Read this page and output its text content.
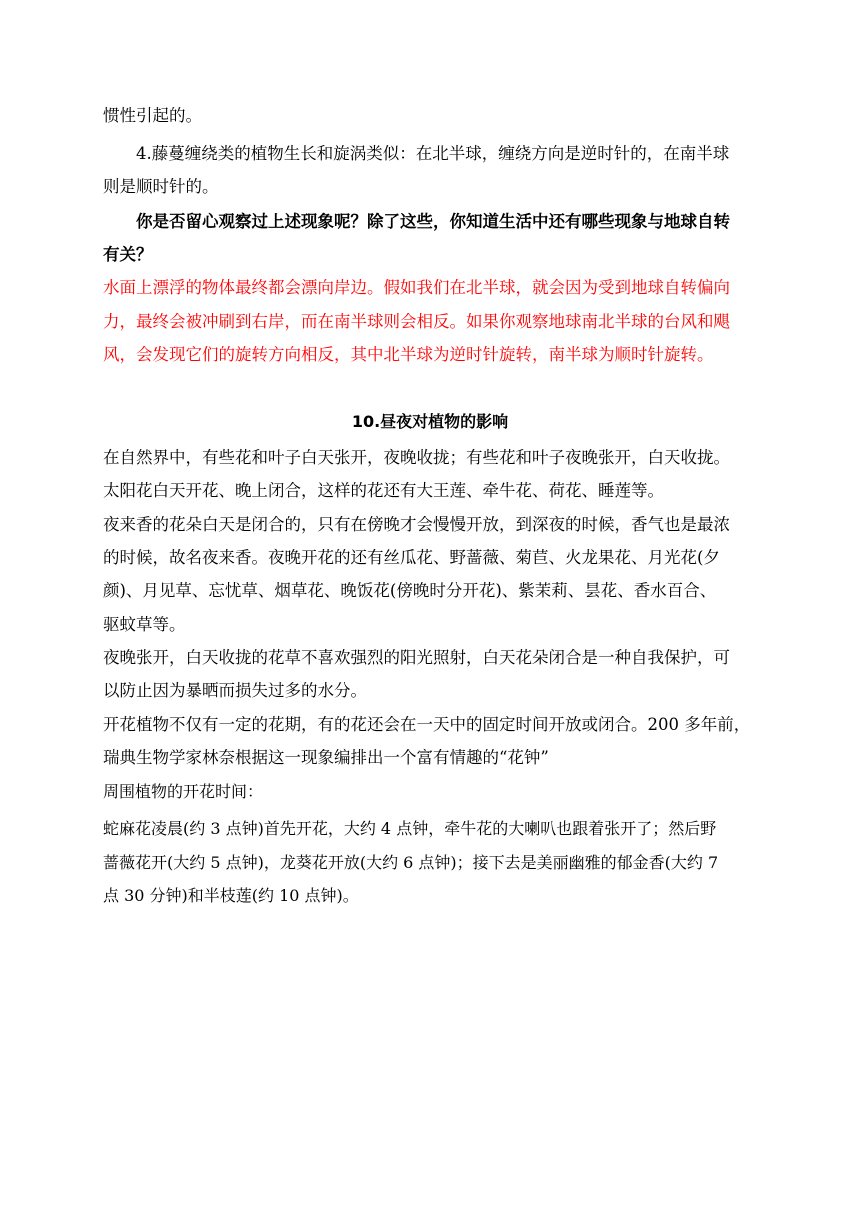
惯性引起的。
4.藤蔓缠绕类的植物生长和旋涡类似：在北半球，缠绕方向是逆时针的，在南半球
则是顺时针的。
你是否留心观察过上述现象呢？除了这些，你知道生活中还有哪些现象与地球自转
有关？
水面上漂浮的物体最终都会漂向岸边。假如我们在北半球，就会因为受到地球自转偏向
力，最终会被冲刷到右岸，而在南半球则会相反。如果你观察地球南北半球的台风和飓
风，会发现它们的旋转方向相反，其中北半球为逆时针旋转，南半球为顺时针旋转。
10.昼夜对植物的影响
在自然界中，有些花和叶子白天张开，夜晚收拢；有些花和叶子夜晚张开，白天收拢。
太阳花白天开花、晚上闭合，这样的花还有大王莲、牵牛花、荷花、睡莲等。
夜来香的花朵白天是闭合的，只有在傍晚才会慢慢开放，到深夜的时候，香气也是最浓
的时候，故名夜来香。夜晚开花的还有丝瓜花、野蔷薇、菊苣、火龙果花、月光花(夕
颜)、月见草、忘忧草、烟草花、晚饭花(傍晚时分开花)、紫茉莉、昙花、香水百合、
驱蚊草等。
夜晚张开，白天收拢的花草不喜欢强烈的阳光照射，白天花朵闭合是一种自我保护，可
以防止因为暴晒而损失过多的水分。
开花植物不仅有一定的花期，有的花还会在一天中的固定时间开放或闭合。200 多年前，
瑞典生物学家林奈根据这一现象编排出一个富有情趣的“花钟”
周围植物的开花时间：
蛇麻花凌晨(约 3 点钟)首先开花，大约 4 点钟，牵牛花的大喇叭也跟着张开了；然后野
蔷薇花开(大约 5 点钟)，龙葵花开放(大约 6 点钟)；接下去是美丽幽雅的郁金香(大约 7
点 30 分钟)和半枝莲(约 10 点钟)。
